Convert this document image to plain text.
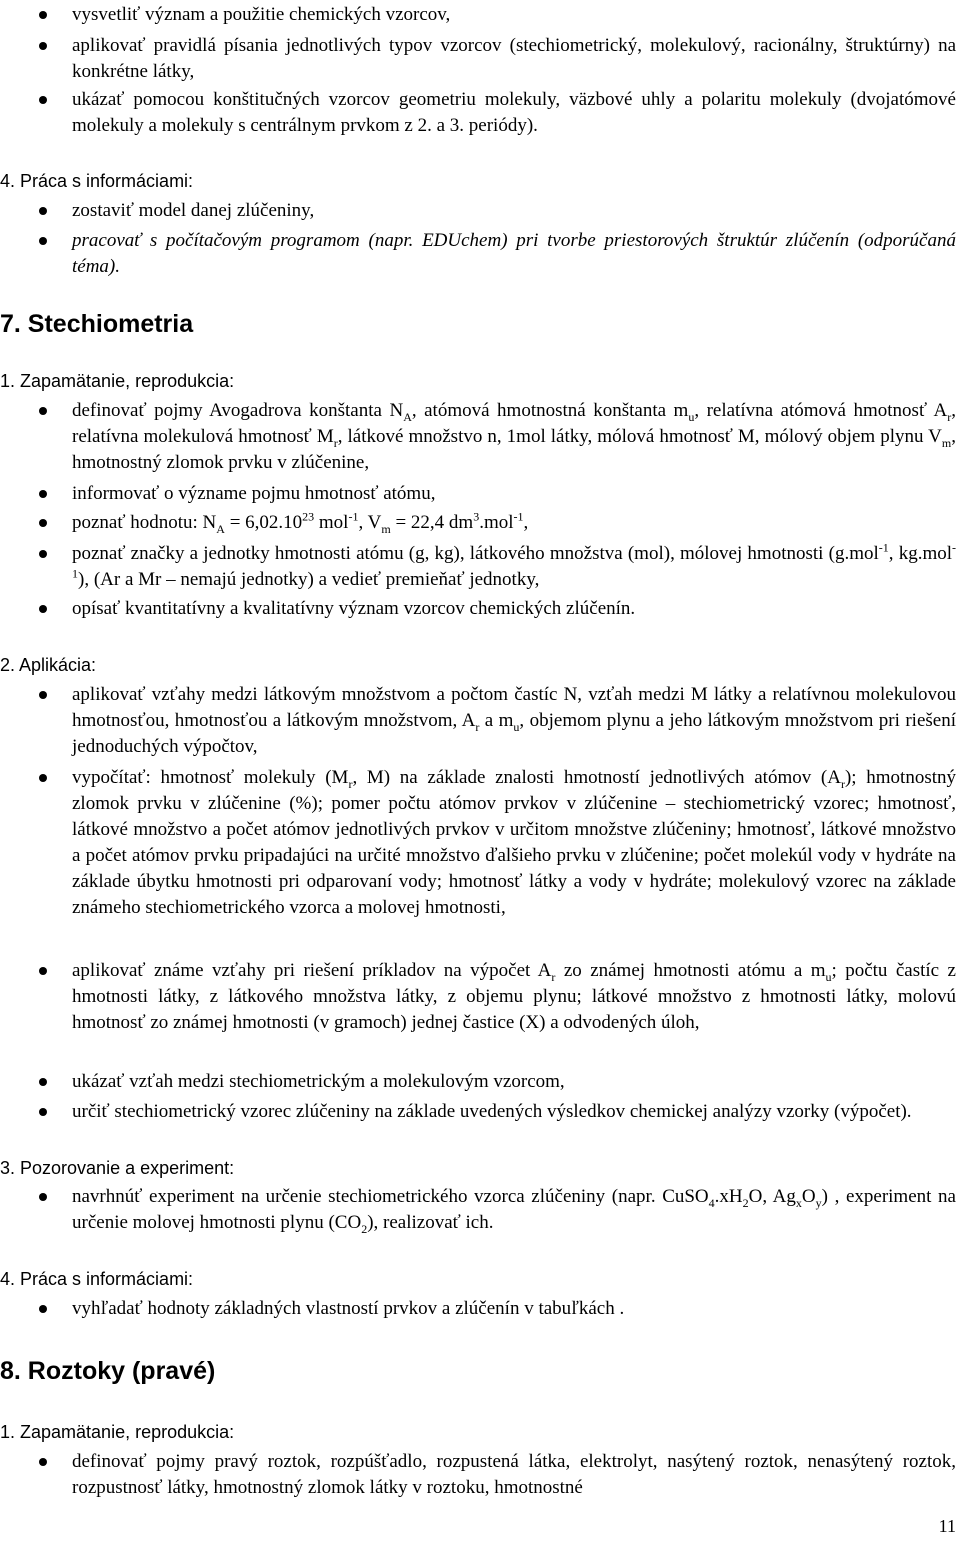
vysvetliť význam a použitie chemických vzorcov,
aplikovať pravidlá písania jednotlivých typov vzorcov (stechiometrický, molekulový, racionálny, štruktúrny) na konkrétne látky,
ukázať pomocou konštitučných vzorcov geometriu molekuly, väzbové uhly a polaritu molekuly (dvojatómové molekuly a molekuly s centrálnym prvkom z 2. a 3. periódy).
4. Práca s informáciami:
zostaviť model danej zlúčeniny,
pracovať s počítačovým programom (napr. EDUchem) pri tvorbe priestorových štruktúr zlúčenín (odporúčaná téma).
7. Stechiometria
1. Zapamätanie, reprodukcia:
definovať pojmy Avogadrova konštanta $N_A$, atómová hmotnostná konštanta $m_u$, relatívna atómová hmotnosť $A_r$, relatívna molekulová hmotnosť $M_r$, látkové množstvo n, 1mol látky, mólová hmotnosť M, mólový objem plynu $V_m$, hmotnostný zlomok prvku v zlúčenine,
informovať o význame pojmu hmotnosť atómu,
poznať hodnotu: $N_A = 6,02.10^{23}$ mol$^{-1}$, $V_m = 22,4$ $dm^3.mol^{-1}$,
poznať značky a jednotky hmotnosti atómu (g, kg), látkového množstva (mol), mólovej hmotnosti (g.mol$^{-1}$, kg.mol$^{-1}$), (Ar a Mr – nemajú jednotky) a vedieť premieňať jednotky,
opísať kvantitatívny a kvalitatívny význam vzorcov chemických zlúčenín.
2. Aplikácia:
aplikovať vzťahy medzi látkovým množstvom a počtom častíc N, vzťah medzi M látky a relatívnou molekulovou hmotnosťou, hmotnosťou a látkovým množstvom, $A_r$ a $m_u$, objemom plynu a jeho látkovým množstvom pri riešení jednoduchých výpočtov,
vypočítať: hmotnosť molekuly ($M_r$, M) na základe znalosti hmotností jednotlivých atómov $(A_r)$; hmotnostný zlomok prvku v zlúčenine (%); pomer počtu atómov prvkov v zlúčenine – stechiometrický vzorec; hmotnosť, látkové množstvo a počet atómov jednotlivých prvkov v určitom množstve zlúčeniny; hmotnosť, látkové množstvo a počet atómov prvku pripadajúci na určité množstvo ďalšieho prvku v zlúčenine; počet molekúl vody v hydráte na základe úbytku hmotnosti pri odparovaní vody; hmotnosť látky a vody v hydráte; molekulový vzorec na základe známeho stechiometrického vzorca a molovej hmotnosti,
aplikovať známe vzťahy pri riešení príkladov na výpočet $A_r$ zo známej hmotnosti atómu a $m_u$; počtu častíc z hmotnosti látky, z látkového množstva látky, z objemu plynu; látkové množstvo z hmotnosti látky, molovú hmotnosť zo známej hmotnosti (v gramoch) jednej častice (X) a odvodených úloh,
ukázať vzťah medzi stechiometrickým a molekulovým vzorcom,
určiť stechiometrický vzorec zlúčeniny na základe uvedených výsledkov chemickej analýzy vzorky (výpočet).
3. Pozorovanie a experiment:
navrhnúť experiment na určenie stechiometrického vzorca zlúčeniny (napr. $CuSO_4.xH_2O$, $Ag_xO_y$) , experiment na určenie molovej hmotnosti plynu $(CO_2)$, realizovať ich.
4. Práca s informáciami:
vyhľadať hodnoty základných vlastností prvkov a zlúčenín v tabuľkách .
8. Roztoky (pravé)
1. Zapamätanie, reprodukcia:
definovať pojmy pravý roztok, rozpúšťadlo, rozpustená látka, elektrolyt, nasýtený roztok, nenasýtený roztok, rozpustnosť látky, hmotnostný zlomok látky v roztoku, hmotnostné
11
